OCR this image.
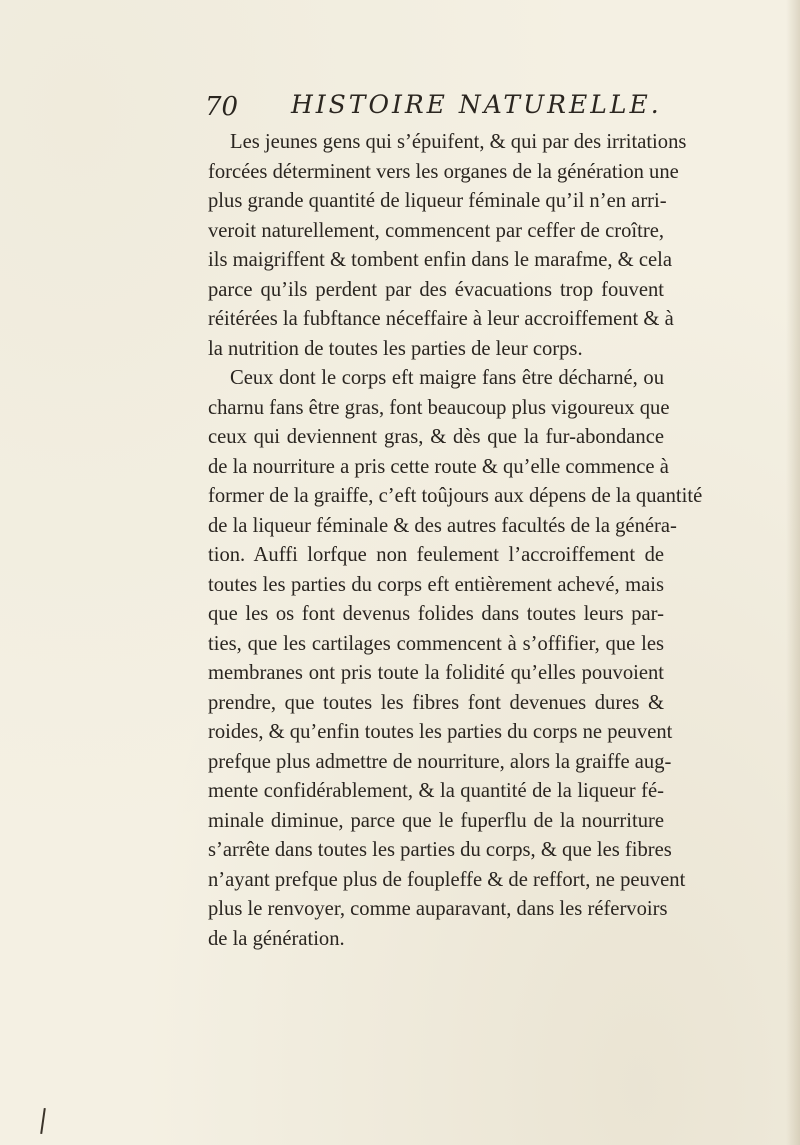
70 HISTOIRE NATURELLE.
Les jeunes gens qui s’épuifent, & qui par des irritations
forcées déterminent vers les organes de la génération une
plus grande quantité de liqueur féminale qu’il n’en arri-
veroit naturellement, commencent par ceffer de croître,
ils maigriffent & tombent enfin dans le marafme, & cela
parce qu’ils perdent par des évacuations trop fouvent
réitérées la fubftance néceffaire à leur accroiffement & à
la nutrition de toutes les parties de leur corps.
Ceux dont le corps eft maigre fans être décharné, ou
charnu fans être gras, font beaucoup plus vigoureux que
ceux qui deviennent gras, & dès que la fur-abondance
de la nourriture a pris cette route & qu’elle commence à
former de la graiffe, c’eft toûjours aux dépens de la quantité
de la liqueur féminale & des autres facultés de la généra-
tion. Auffi lorfque non feulement l’accroiffement de
toutes les parties du corps eft entièrement achevé, mais
que les os font devenus folides dans toutes leurs par-
ties, que les cartilages commencent à s’offifier, que les
membranes ont pris toute la folidité qu’elles pouvoient
prendre, que toutes les fibres font devenues dures &
roides, & qu’enfin toutes les parties du corps ne peuvent
prefque plus admettre de nourriture, alors la graiffe aug-
mente confidérablement, & la quantité de la liqueur fé-
minale diminue, parce que le fuperflu de la nourriture
s’arrête dans toutes les parties du corps, & que les fibres
n’ayant prefque plus de foupleffe & de reffort, ne peuvent
plus le renvoyer, comme auparavant, dans les réfervoirs
de la génération.
